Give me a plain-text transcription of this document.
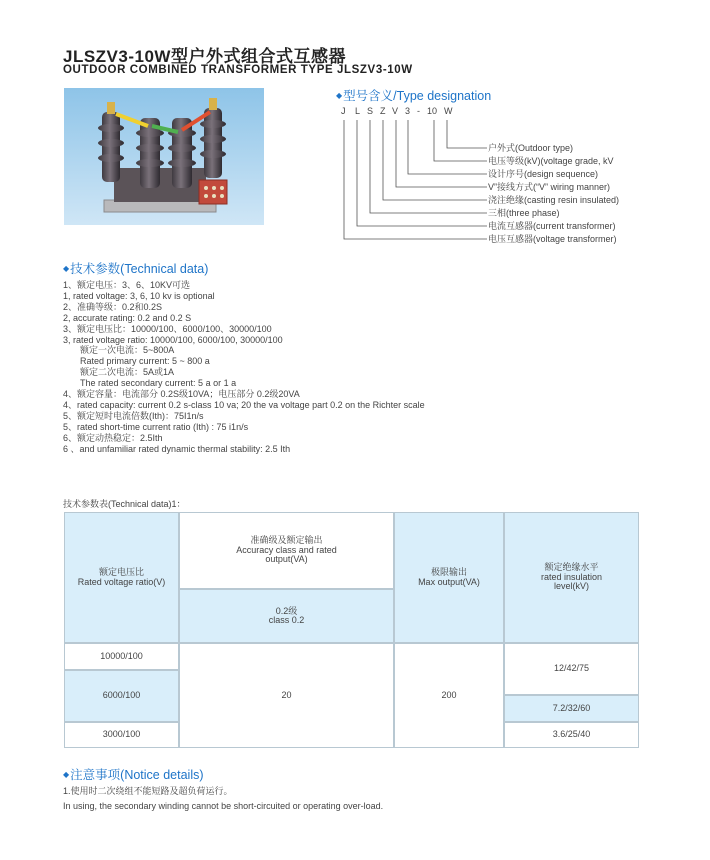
JLSZV3-10W型户外式组合式互感器
OUTDOOR COMBINED TRANSFORMER TYPE JLSZV3-10W
◆型号含义/Type designation
J L S Z V 3 - 10 W
户外式(Outdoor type)
电压等级(kV)(voltage grade, kV
设计序号(design sequence)
V”接线方式(“V” wiring manner)
浇注绝缘(casting resin insulated)
三相(three phase)
电流互感器(current transformer)
电压互感器(voltage transformer)
◆技术参数(Technical data)
1、额定电压：3、6、10KV可选
1, rated voltage: 3, 6, 10 kv is optional
2、准确等级：0.2和0.2S
2, accurate rating: 0.2 and 0.2 S
3、额定电压比：10000/100、6000/100、30000/100
3, rated voltage ratio: 10000/100, 6000/100, 30000/100
额定一次电流：5~800A
Rated primary current: 5 ~ 800 a
额定二次电流：5A或1A
The rated secondary current: 5 a or 1 a
4、额定容量：电流部分 0.2S级10VA；电压部分 0.2级20VA
4、rated capacity: current 0.2 s-class 10 va; 20 the va voltage part 0.2 on the Richter scale
5、额定短时电流倍数(Ith)：75I1n/s
5、rated short-time current ratio (Ith) : 75 i1n/s
6、额定动热稳定：2.5Ith
6 、and unfamiliar rated dynamic thermal stability: 2.5 Ith
技术参数表(Technical data)1：
额定电压比
Rated voltage ratio(V)
准确级及额定输出
Accuracy class and rated
output(VA)
0.2级
class 0.2
极限输出
Max output(VA)
额定绝缘水平
rated insulation
level(kV)
10000/100
6000/100
3000/100
20	200
12/42/75
7.2/32/60
3.6/25/40
◆注意事项(Notice details)
1.使用时二次绕组不能短路及超负荷运行。
In using, the secondary winding cannot be short-circuited or operating over-load.
